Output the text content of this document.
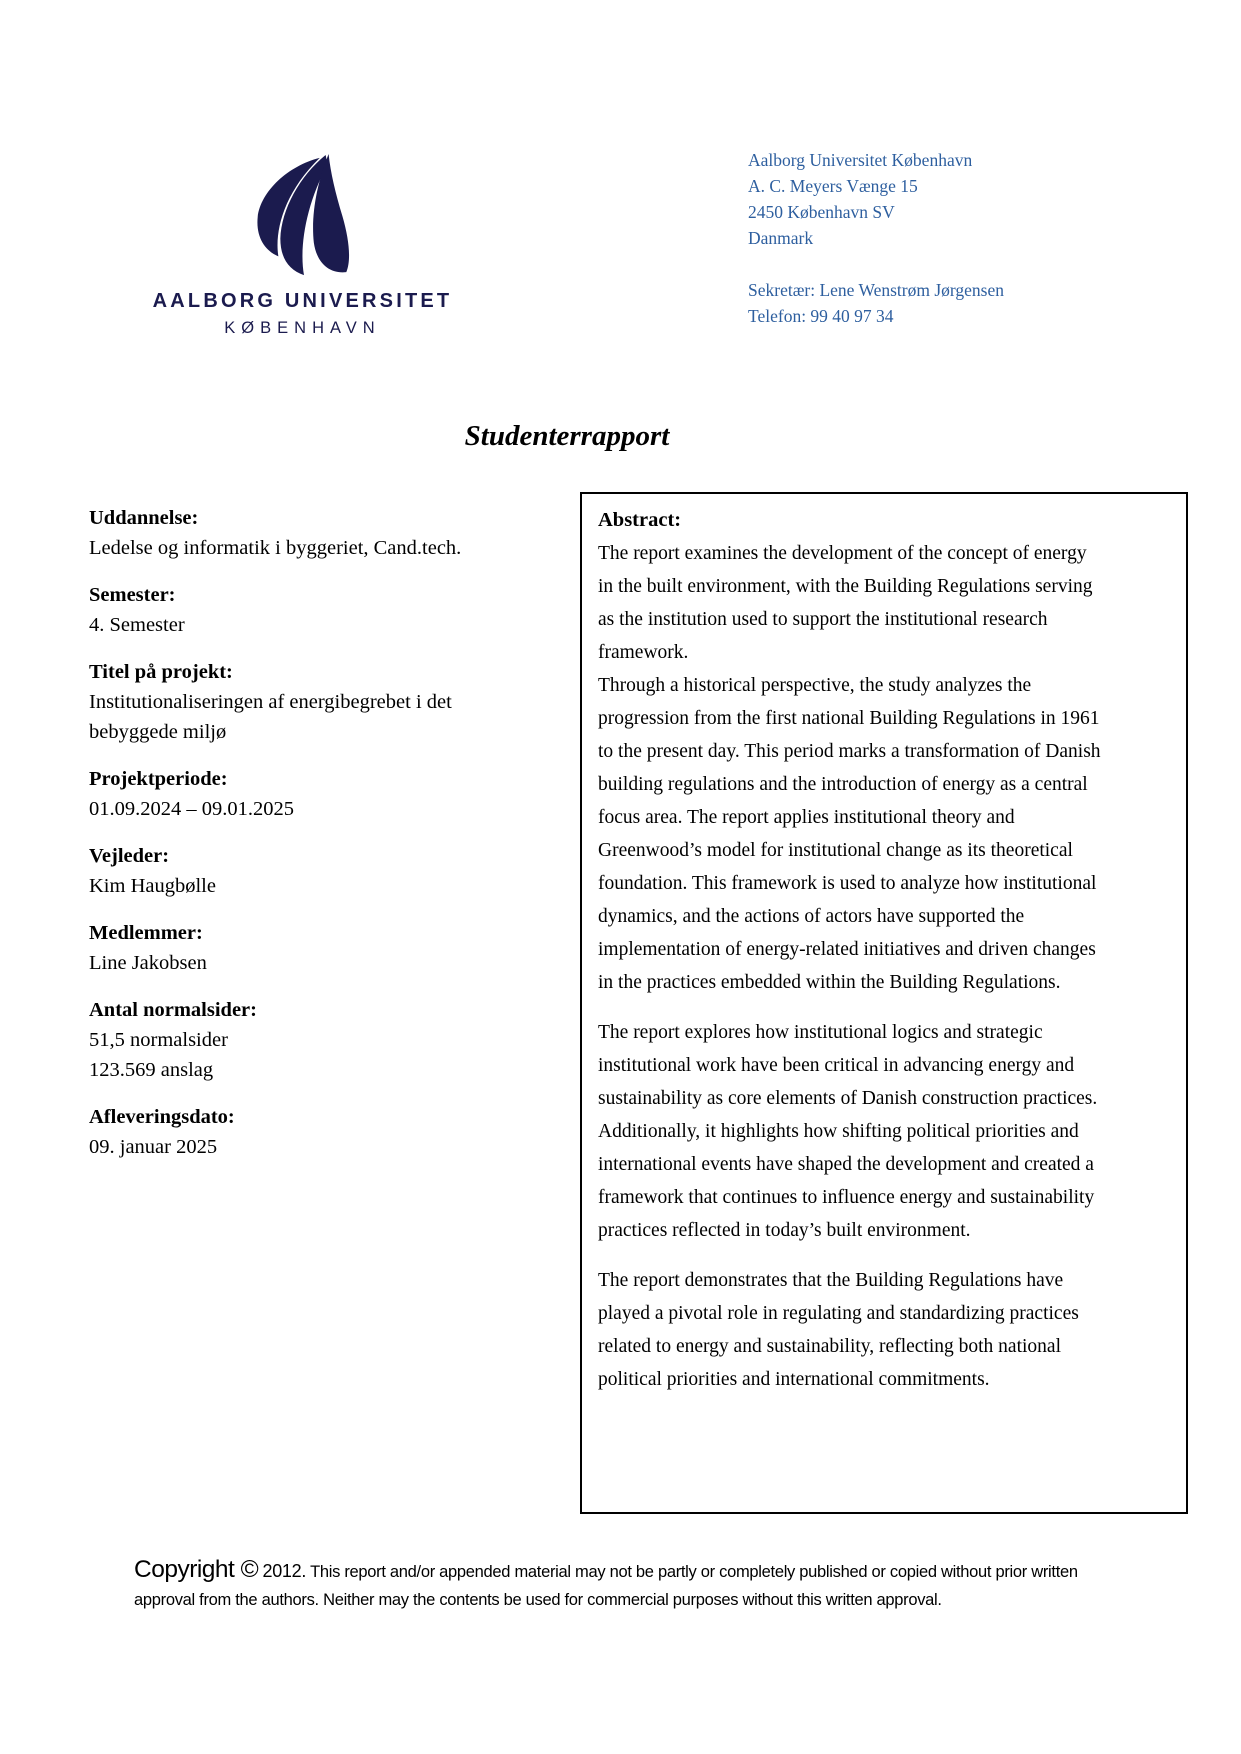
AALBORG UNIVERSITET
KØBENHAVN
Aalborg Universitet København
A. C. Meyers Vænge 15
2450 København SV
Danmark
Sekretær: Lene Wenstrøm Jørgensen
Telefon: 99 40 97 34
Studenterrapport
Uddannelse:
Ledelse og informatik i byggeriet, Cand.tech.
Semester:
4. Semester
Titel på projekt:
Institutionaliseringen af energibegrebet i det bebyggede miljø
Projektperiode:
01.09.2024 – 09.01.2025
Vejleder:
Kim Haugbølle
Medlemmer:
Line Jakobsen
Antal normalsider:
51,5 normalsider
123.569 anslag
Afleveringsdato:
09. januar 2025
Abstract:

The report examines the development of the concept of energy in the built environment, with the Building Regulations serving as the institution used to support the institutional research framework.

Through a historical perspective, the study analyzes the progression from the first national Building Regulations in 1961 to the present day. This period marks a transformation of Danish building regulations and the introduction of energy as a central focus area. The report applies institutional theory and Greenwood’s model for institutional change as its theoretical foundation. This framework is used to analyze how institutional dynamics, and the actions of actors have supported the implementation of energy-related initiatives and driven changes in the practices embedded within the Building Regulations.

The report explores how institutional logics and strategic institutional work have been critical in advancing energy and sustainability as core elements of Danish construction practices. Additionally, it highlights how shifting political priorities and international events have shaped the development and created a framework that continues to influence energy and sustainability practices reflected in today’s built environment.

The report demonstrates that the Building Regulations have played a pivotal role in regulating and standardizing practices related to energy and sustainability, reflecting both national political priorities and international commitments.

Copyright © 2012. This report and/or appended material may not be partly or completely published or copied without prior written approval from the authors. Neither may the contents be used for commercial purposes without this written approval.
